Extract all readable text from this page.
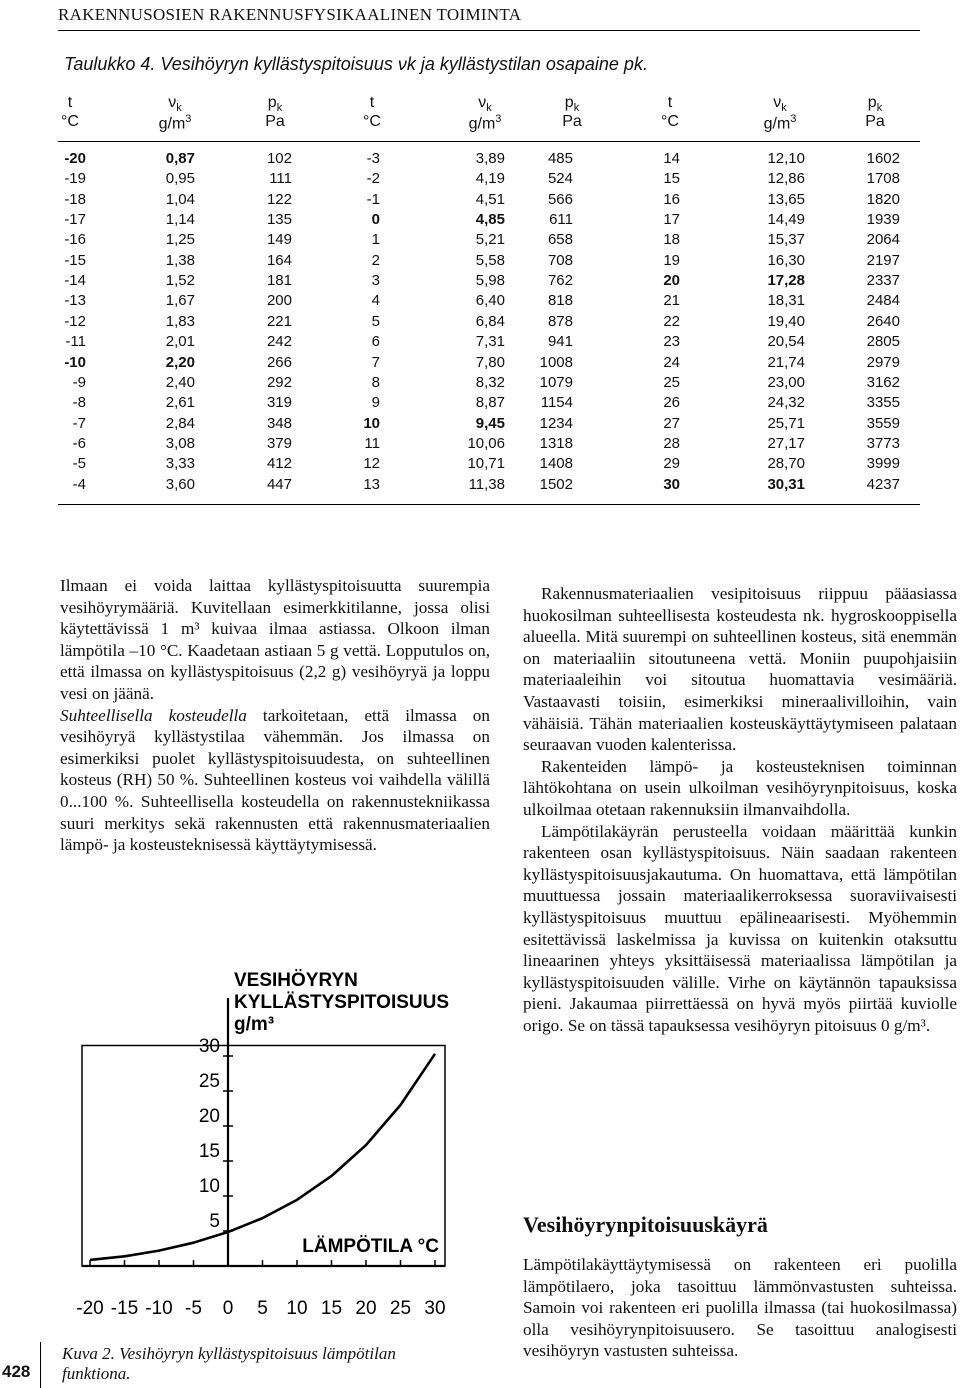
RAKENNUSOSIEN RAKENNUSFYSIKAALINEN TOIMINTA
Taulukko 4. Vesihöyryn kyllästyspitoisuus νk ja kyllästystilan osapaine pk.
t
°C
$\nu_k$
$g/m^3$
$p_k$
Pa
-20	0,87	102
-19	0,95	111
-18	1,04	122
-17	1,14	135
-16	1,25	149
-15	1,38	164
-14	1,52	181
-13	1,67	200
-12	1,83	221
-11	2,01	242
-10	2,20	266
-9	2,40	292
-8	2,61	319
-7	2,84	348
-6	3,08	379
-5	3,33	412
-4	3,60	447
t
°C
$\nu_k$
$g/m^3$
$p_k$
Pa
-3	3,89	485
-2	4,19	524
-1	4,51	566
0	4,85	611
1	5,21	658
2	5,58	708
3	5,98	762
4	6,40	818
5	6,84	878
6	7,31	941
7	7,80	1008
8	8,32	1079
9	8,87	1154
10	9,45	1234
11	10,06	1318
12	10,71	1408
13	11,38	1502
t
°C
$\nu_k$
$g/m^3$
$p_k$
Pa
14	12,10	1602
15	12,86	1708
16	13,65	1820
17	14,49	1939
18	15,37	2064
19	16,30	2197
20	17,28	2337
21	18,31	2484
22	19,40	2640
23	20,54	2805
24	21,74	2979
25	23,00	3162
26	24,32	3355
27	25,71	3559
28	27,17	3773
29	28,70	3999
30	30,31	4237

Ilmaan ei voida laittaa kyllästyspitoisuutta suurempia vesihöyrymääriä. Kuvitellaan esimerkkitilanne, jossa olisi käytettävissä 1 m³ kuivaa ilmaa astiassa. Olkoon ilman lämpötila –10 °C. Kaadetaan astiaan 5 g vettä. Lopputulos on, että ilmassa on kyllästyspitoisuus (2,2 g) vesihöyryä ja loppu vesi on jäänä.

Suhteellisella kosteudella tarkoitetaan, että ilmassa on vesihöyryä kyllästystilaa vähemmän. Jos ilmassa on esimerkiksi puolet kyllästyspitoisuudesta, on suhteellinen kosteus (RH) 50 %. Suhteellinen kosteus voi vaihdella välillä 0...100 %. Suhteellisella kosteudella on rakennustekniikassa suuri merkitys sekä rakennusten että rakennusmateriaalien lämpö- ja kosteusteknisessä käyttäytymisessä.

Rakennusmateriaalien vesipitoisuus riippuu pääasiassa huokosilman suhteellisesta kosteudesta nk. hygroskooppisella alueella. Mitä suurempi on suhteellinen kosteus, sitä enemmän on materiaaliin sitoutuneena vettä. Moniin puupohjaisiin materiaaleihin voi sitoutua huomattavia vesimääriä. Vastaavasti toisiin, esimerkiksi mineraalivilloihin, vain vähäisiä. Tähän materiaalien kosteuskäyttäytymiseen palataan seuraavan vuoden kalenterissa.

Rakenteiden lämpö- ja kosteusteknisen toiminnan lähtökohtana on usein ulkoilman vesihöyrynpitoisuus, koska ulkoilmaa otetaan rakennuksiin ilmanvaihdolla.

Lämpötilakäyrän perusteella voidaan määrittää kunkin rakenteen osan kyllästyspitoisuus. Näin saadaan rakenteen kyllästyspitoisuusjakautuma. On huomattava, että lämpötilan muuttuessa jossain materiaalikerroksessa suoraviivaisesti kyllästyspitoisuus muuttuu epälineaarisesti. Myöhemmin esitettävissä laskelmissa ja kuvissa on kuitenkin otaksuttu lineaarinen yhteys yksittäisessä materiaalissa lämpötilan ja kyllästyspitoisuuden välille. Virhe on käytännön tapauksissa pieni. Jakaumaa piirrettäessä on hyvä myös piirtää kuviolle origo. Se on tässä tapauksessa vesihöyryn pitoisuus 0 g/m³.

Vesihöyrynpitoisuuskäyrä

Lämpötilakäyttäytymisessä on rakenteen eri puolilla lämpötilaero, joka tasoittuu lämmönvastusten suhteissa. Samoin voi rakenteen eri puolilla ilmassa (tai huokosilmassa) olla vesihöyrynpitoisuusero. Se tasoittuu analogisesti vesihöyryn vastusten suhteissa.

-20 -15 -10 -5 0 5 10 15 20 25 30
5
10
15
20
25
30
VESIHÖYRYN
KYLLÄSTYSPITOISUUS
g/m³
LÄMPÖTILA °C
Kuva 2. Vesihöyryn kyllästyspitoisuus lämpötilan funktiona.
428
